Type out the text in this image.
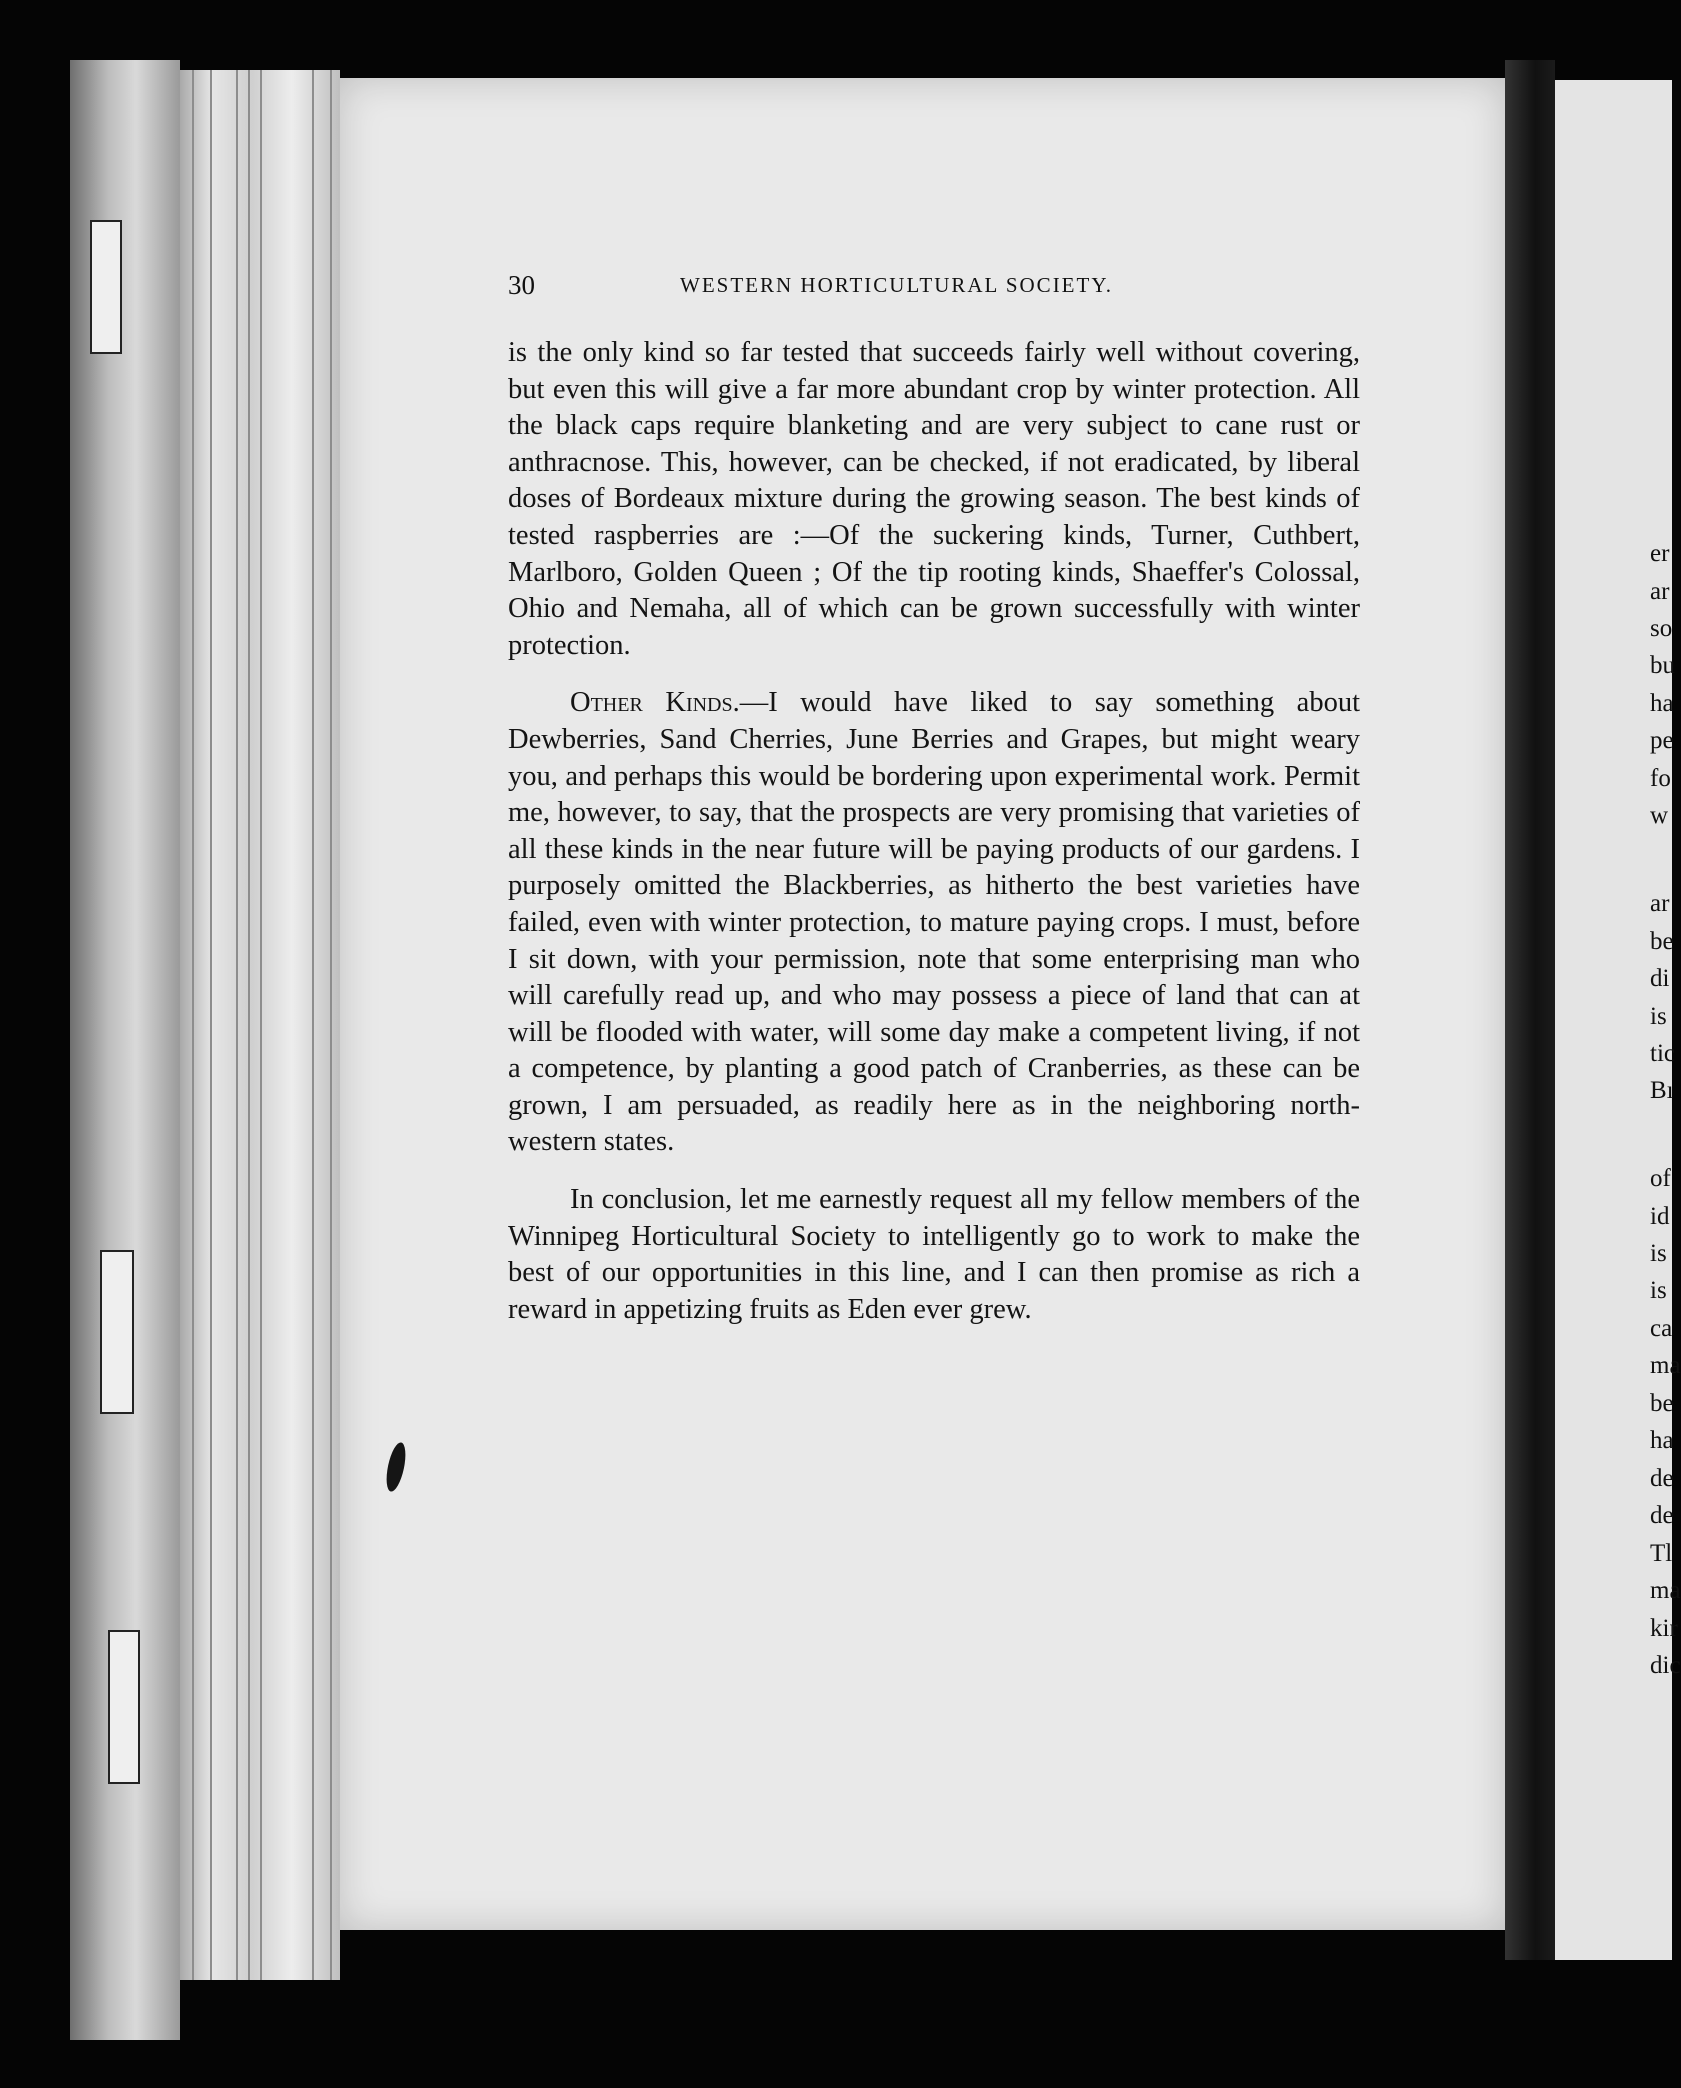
er
ar
so
bu
ha
pe
fo
w
ar
be
di
is
tic
Bı
of
id
is
is
ca
ma
be
ha
de
de
Tl
ma
kir
dic
30	WESTERN HORTICULTURAL SOCIETY.

is the only kind so far tested that succeeds fairly well without covering, but even this will give a far more abundant crop by winter protection. All the black caps require blanketing and are very subject to cane rust or anthracnose. This, however, can be checked, if not eradicated, by liberal doses of Bordeaux mixture during the growing season. The best kinds of tested raspberries are :—Of the suckering kinds, Turner, Cuthbert, Marlboro, Golden Queen ; Of the tip rooting kinds, Shaeffer's Colossal, Ohio and Nemaha, all of which can be grown successfully with winter protection.

Other Kinds.—I would have liked to say something about Dewberries, Sand Cherries, June Berries and Grapes, but might weary you, and perhaps this would be bordering upon experimental work. Permit me, however, to say, that the prospects are very promising that varieties of all these kinds in the near future will be paying products of our gardens. I purposely omitted the Blackberries, as hitherto the best varieties have failed, even with winter protection, to mature paying crops. I must, before I sit down, with your permission, note that some enterprising man who will carefully read up, and who may possess a piece of land that can at will be flooded with water, will some day make a competent living, if not a competence, by planting a good patch of Cranberries, as these can be grown, I am persuaded, as readily here as in the neighboring north-western states.

In conclusion, let me earnestly request all my fellow members of the Winnipeg Horticultural Society to intelligently go to work to make the best of our opportunities in this line, and I can then promise as rich a reward in appetizing fruits as Eden ever grew.
